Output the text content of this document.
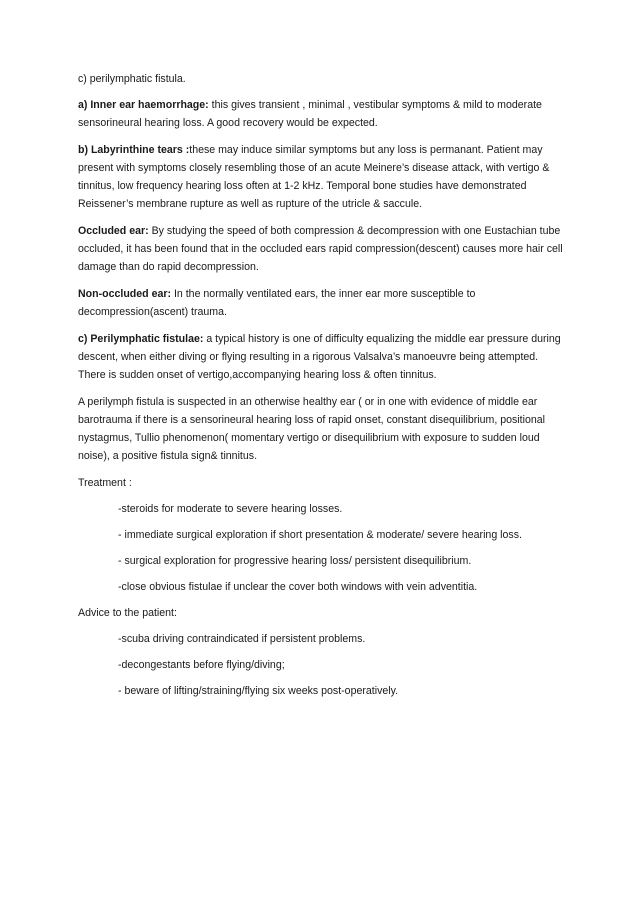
c) perilymphatic fistula.

a) Inner ear haemorrhage: this gives transient , minimal , vestibular symptoms & mild to moderate sensorineural hearing loss. A good recovery would be expected.

b) Labyrinthine tears :these may induce similar symptoms but any loss is permanant. Patient may present with symptoms closely resembling those of an acute Meinere’s disease attack, with vertigo & tinnitus, low frequency hearing loss often at 1-2 kHz. Temporal bone studies have demonstrated Reissener’s membrane rupture as well as rupture of the utricle & saccule.

Occluded ear: By studying the speed of both compression & decompression with one Eustachian tube occluded, it has been found that in the occluded ears rapid compression(descent) causes more hair cell damage than do rapid decompression.

Non-occluded ear: In the normally ventilated ears, the inner ear more susceptible to decompression(ascent) trauma.

c) Perilymphatic fistulae: a typical history is one of difficulty equalizing the middle ear pressure during descent, when either diving or flying resulting in a rigorous Valsalva’s manoeuvre being attempted. There is sudden onset of vertigo,accompanying hearing loss & often tinnitus.

A perilymph fistula is suspected in an otherwise healthy ear ( or in one with evidence of middle ear barotrauma if there is a sensorineural hearing loss of rapid onset, constant disequilibrium, positional nystagmus, Tullio phenomenon( momentary vertigo or disequilibrium with exposure to sudden loud noise), a positive fistula sign& tinnitus.

Treatment :

-steroids for moderate to severe hearing losses.

- immediate surgical exploration if short presentation & moderate/ severe hearing loss.

- surgical exploration for progressive hearing loss/ persistent disequilibrium.

-close obvious fistulae if unclear the cover both windows with vein adventitia.

Advice to the patient:

-scuba driving contraindicated if persistent problems.

-decongestants before flying/diving;

- beware of lifting/straining/flying six weeks post-operatively.
